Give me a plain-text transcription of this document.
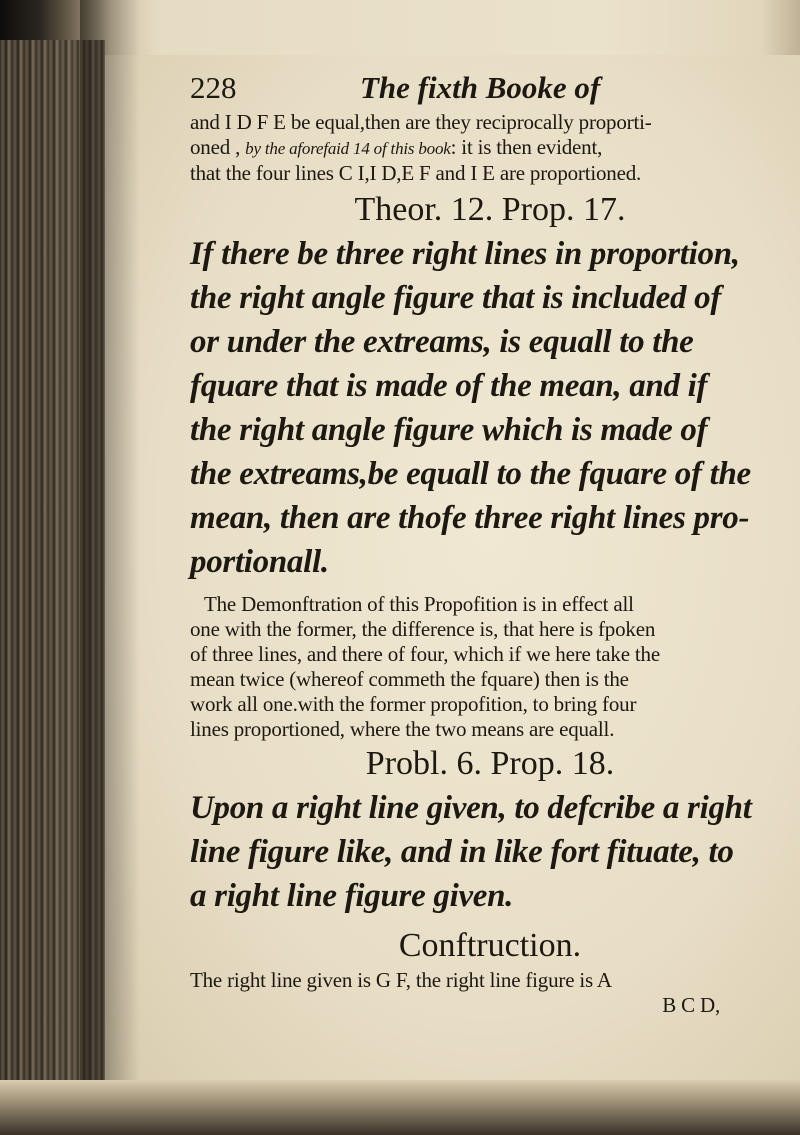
228	The fixth Booke of
and I D F E be equal,then are they reciprocally proporti-
oned , by the aforefaid 14 of this book: it is then evident,
that the four lines C I,I D,E F and I E are proportioned.
Theor. 12. Prop. 17.
If there be three right lines in proportion,
the right angle figure that is included of
or under the extreams, is equall to the
fquare that is made of the mean, and if
the right angle figure which is made of
the extreams,be equall to the fquare of the
mean, then are thofe three right lines pro-
portionall.
The Demonftration of this Propofition is in effect all
one with the former, the difference is, that here is fpoken
of three lines, and there of four, which if we here take the
mean twice (whereof commeth the fquare) then is the
work all one.with the former propofition, to bring four
lines proportioned, where the two means are equall.
Probl. 6. Prop. 18.
Upon a right line given, to defcribe a right
line figure like, and in like fort fituate, to
a right line figure given.
Conftruction.
The right line given is G F, the right line figure is A
B C D,
